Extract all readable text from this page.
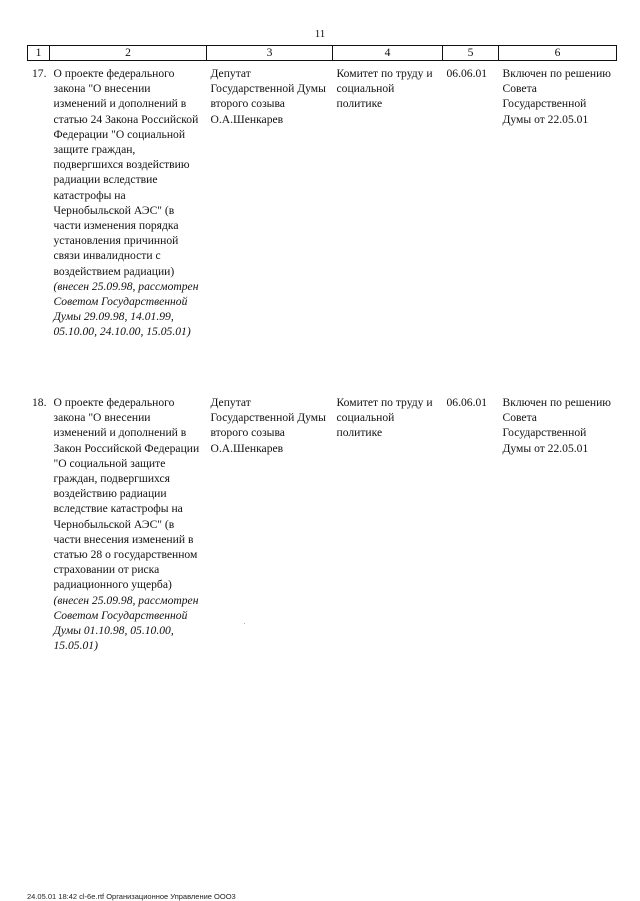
11
1	2	3	4	5	6
17.	О проекте федерального закона "О внесении изменений и дополнений в статью 24 Закона Российской Федерации "О социальной защите граждан, подвергшихся воздействию радиации вследствие катастрофы на Чернобыльской АЭС" (в части изменения порядка установления причинной связи инвалидности с воздействием радиации)
(внесен 25.09.98, рассмотрен Советом Государственной Думы 29.09.98, 14.01.99, 05.10.00, 24.10.00, 15.05.01)	Депутат Государственной Думы второго созыва О.А.Шенкарев	Комитет по труду и социальной политике	06.06.01	Включен по решению Совета Государственной Думы от 22.05.01
18.	О проекте федерального закона "О внесении изменений и дополнений в Закон Российской Федерации "О социальной защите граждан, подвергшихся воздействию радиации вследствие катастрофы на Чернобыльской АЭС" (в части внесения изменений в статью 28 о государственном страховании от риска радиационного ущерба)
(внесен 25.09.98, рассмотрен Советом Государственной Думы 01.10.98, 05.10.00, 15.05.01)	Депутат Государственной Думы второго созыва О.А.Шенкарев	Комитет по труду и социальной политике	06.06.01	Включен по решению Совета Государственной Думы от 22.05.01
24.05.01 18:42 cl-6e.rtf Организационное Управление ООО3
